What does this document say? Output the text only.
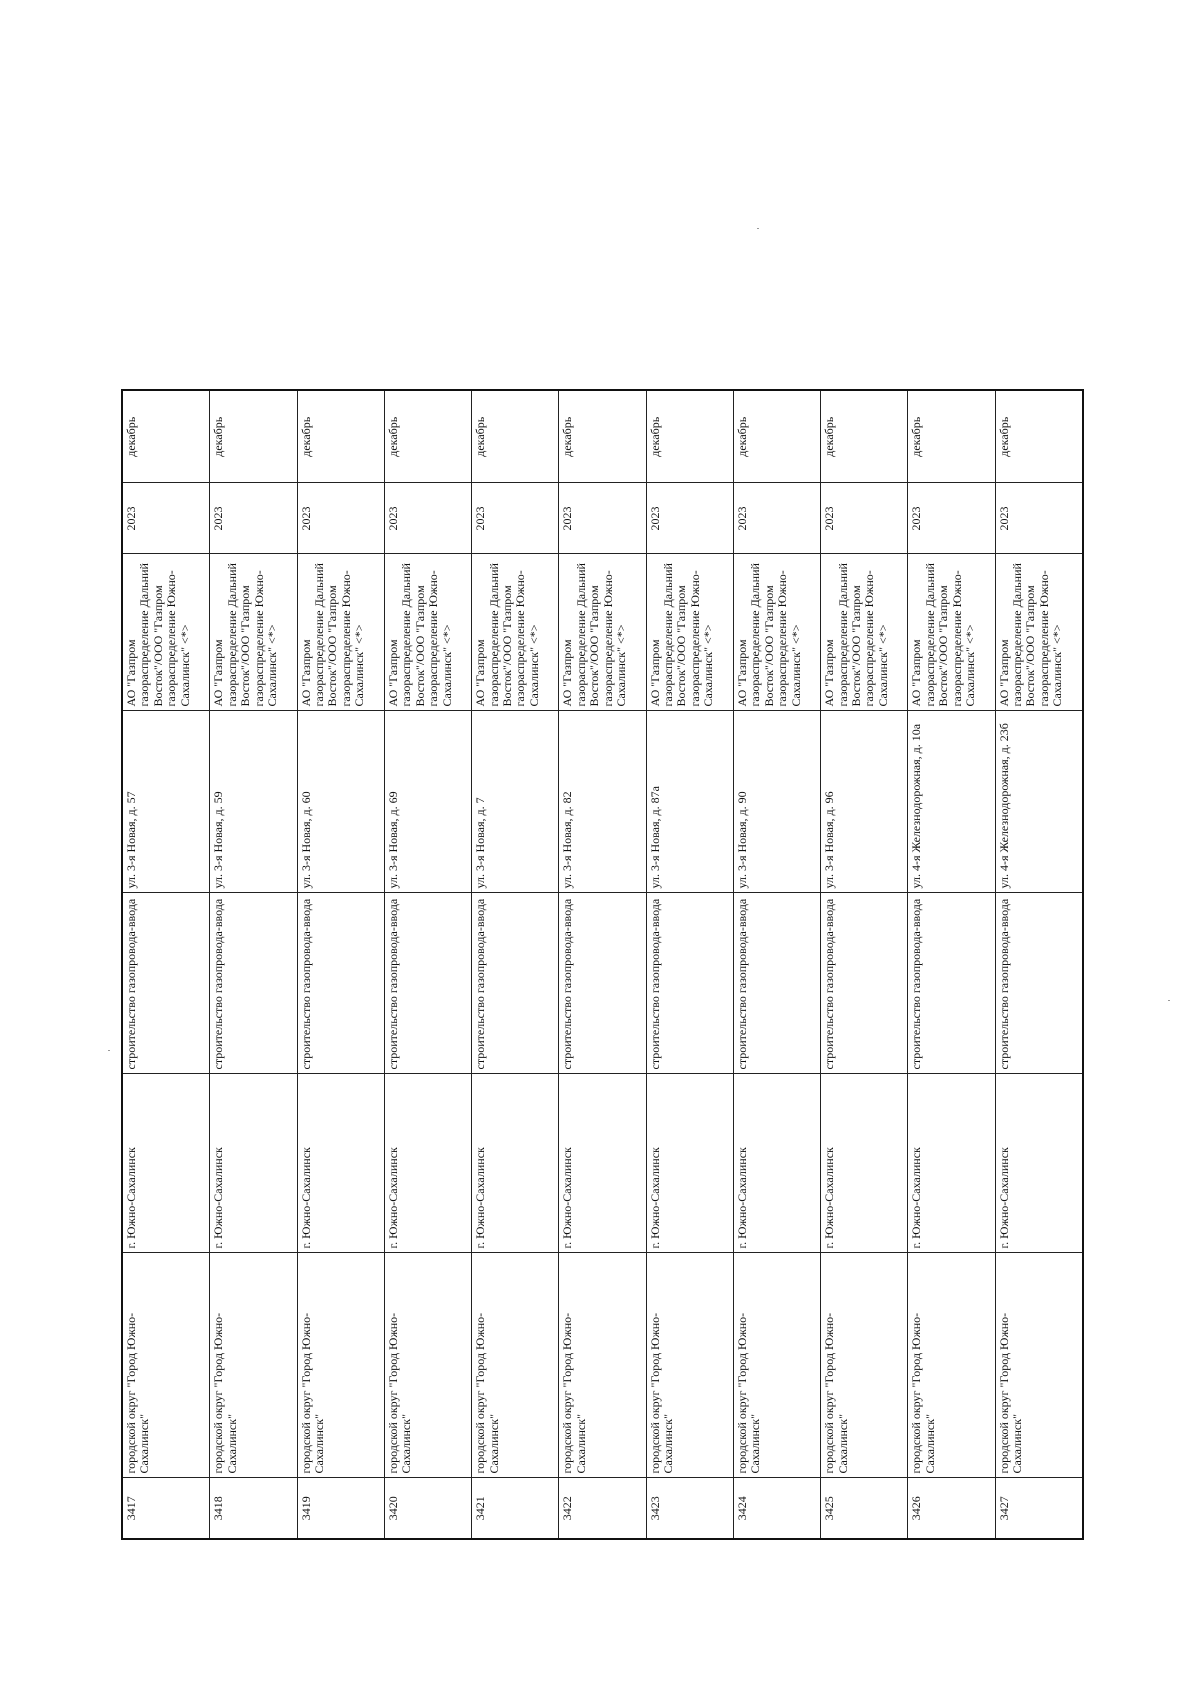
3417	городской округ "Город Южно-Сахалинск"	г. Южно-Сахалинск	строительство газопровода-ввода	ул. 3-я Новая, д. 57	АО "Газпром газораспределение Дальний Восток"/ООО "Газпром газораспределение Южно-Сахалинск" <*>	2023	декабрь
3418	городской округ "Город Южно-Сахалинск"	г. Южно-Сахалинск	строительство газопровода-ввода	ул. 3-я Новая, д. 59	АО "Газпром газораспределение Дальний Восток"/ООО "Газпром газораспределение Южно-Сахалинск" <*>	2023	декабрь
3419	городской округ "Город Южно-Сахалинск"	г. Южно-Сахалинск	строительство газопровода-ввода	ул. 3-я Новая, д. 60	АО "Газпром газораспределение Дальний Восток"/ООО "Газпром газораспределение Южно-Сахалинск" <*>	2023	декабрь
3420	городской округ "Город Южно-Сахалинск"	г. Южно-Сахалинск	строительство газопровода-ввода	ул. 3-я Новая, д. 69	АО "Газпром газораспределение Дальний Восток"/ООО "Газпром газораспределение Южно-Сахалинск" <*>	2023	декабрь
3421	городской округ "Город Южно-Сахалинск"	г. Южно-Сахалинск	строительство газопровода-ввода	ул. 3-я Новая, д. 7	АО "Газпром газораспределение Дальний Восток"/ООО "Газпром газораспределение Южно-Сахалинск" <*>	2023	декабрь
3422	городской округ "Город Южно-Сахалинск"	г. Южно-Сахалинск	строительство газопровода-ввода	ул. 3-я Новая, д. 82	АО "Газпром газораспределение Дальний Восток"/ООО "Газпром газораспределение Южно-Сахалинск" <*>	2023	декабрь
3423	городской округ "Город Южно-Сахалинск"	г. Южно-Сахалинск	строительство газопровода-ввода	ул. 3-я Новая, д. 87а	АО "Газпром газораспределение Дальний Восток"/ООО "Газпром газораспределение Южно-Сахалинск" <*>	2023	декабрь
3424	городской округ "Город Южно-Сахалинск"	г. Южно-Сахалинск	строительство газопровода-ввода	ул. 3-я Новая, д. 90	АО "Газпром газораспределение Дальний Восток"/ООО "Газпром газораспределение Южно-Сахалинск" <*>	2023	декабрь
3425	городской округ "Город Южно-Сахалинск"	г. Южно-Сахалинск	строительство газопровода-ввода	ул. 3-я Новая, д. 96	АО "Газпром газораспределение Дальний Восток"/ООО "Газпром газораспределение Южно-Сахалинск" <*>	2023	декабрь
3426	городской округ "Город Южно-Сахалинск"	г. Южно-Сахалинск	строительство газопровода-ввода	ул. 4-я Железнодорожная, д. 10а	АО "Газпром газораспределение Дальний Восток"/ООО "Газпром газораспределение Южно-Сахалинск" <*>	2023	декабрь
3427	городской округ "Город Южно-Сахалинск"	г. Южно-Сахалинск	строительство газопровода-ввода	ул. 4-я Железнодорожная, д. 23б	АО "Газпром газораспределение Дальний Восток"/ООО "Газпром газораспределение Южно-Сахалинск" <*>	2023	декабрь
